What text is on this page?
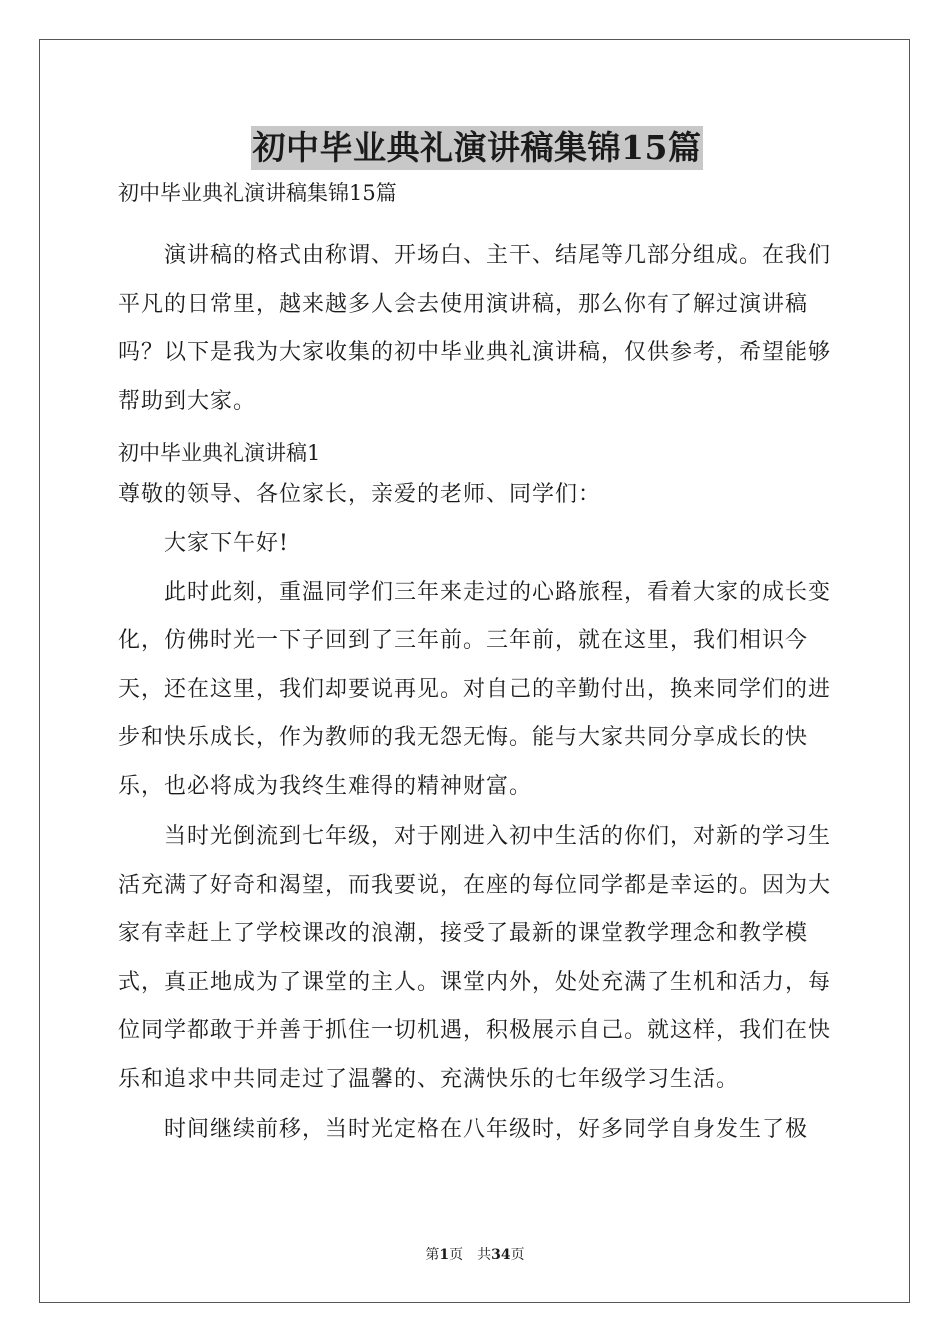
初中毕业典礼演讲稿集锦15篇
初中毕业典礼演讲稿集锦15篇

演讲稿的格式由称谓、开场白、主干、结尾等几部分组成。在我们平凡的日常里，越来越多人会去使用演讲稿，那么你有了解过演讲稿吗？以下是我为大家收集的初中毕业典礼演讲稿，仅供参考，希望能够帮助到大家。

初中毕业典礼演讲稿1
尊敬的领导、各位家长，亲爱的老师、同学们：

大家下午好!

此时此刻，重温同学们三年来走过的心路旅程，看着大家的成长变化，仿佛时光一下子回到了三年前。三年前，就在这里，我们相识今天，还在这里，我们却要说再见。对自己的辛勤付出，换来同学们的进步和快乐成长，作为教师的我无怨无悔。能与大家共同分享成长的快乐，也必将成为我终生难得的精神财富。

当时光倒流到七年级，对于刚进入初中生活的你们，对新的学习生活充满了好奇和渴望，而我要说，在座的每位同学都是幸运的。因为大家有幸赶上了学校课改的浪潮，接受了最新的课堂教学理念和教学模式，真正地成为了课堂的主人。课堂内外，处处充满了生机和活力，每位同学都敢于并善于抓住一切机遇，积极展示自己。就这样，我们在快乐和追求中共同走过了温馨的、充满快乐的七年级学习生活。

时间继续前移，当时光定格在八年级时，好多同学自身发生了极

第1页 共34页
